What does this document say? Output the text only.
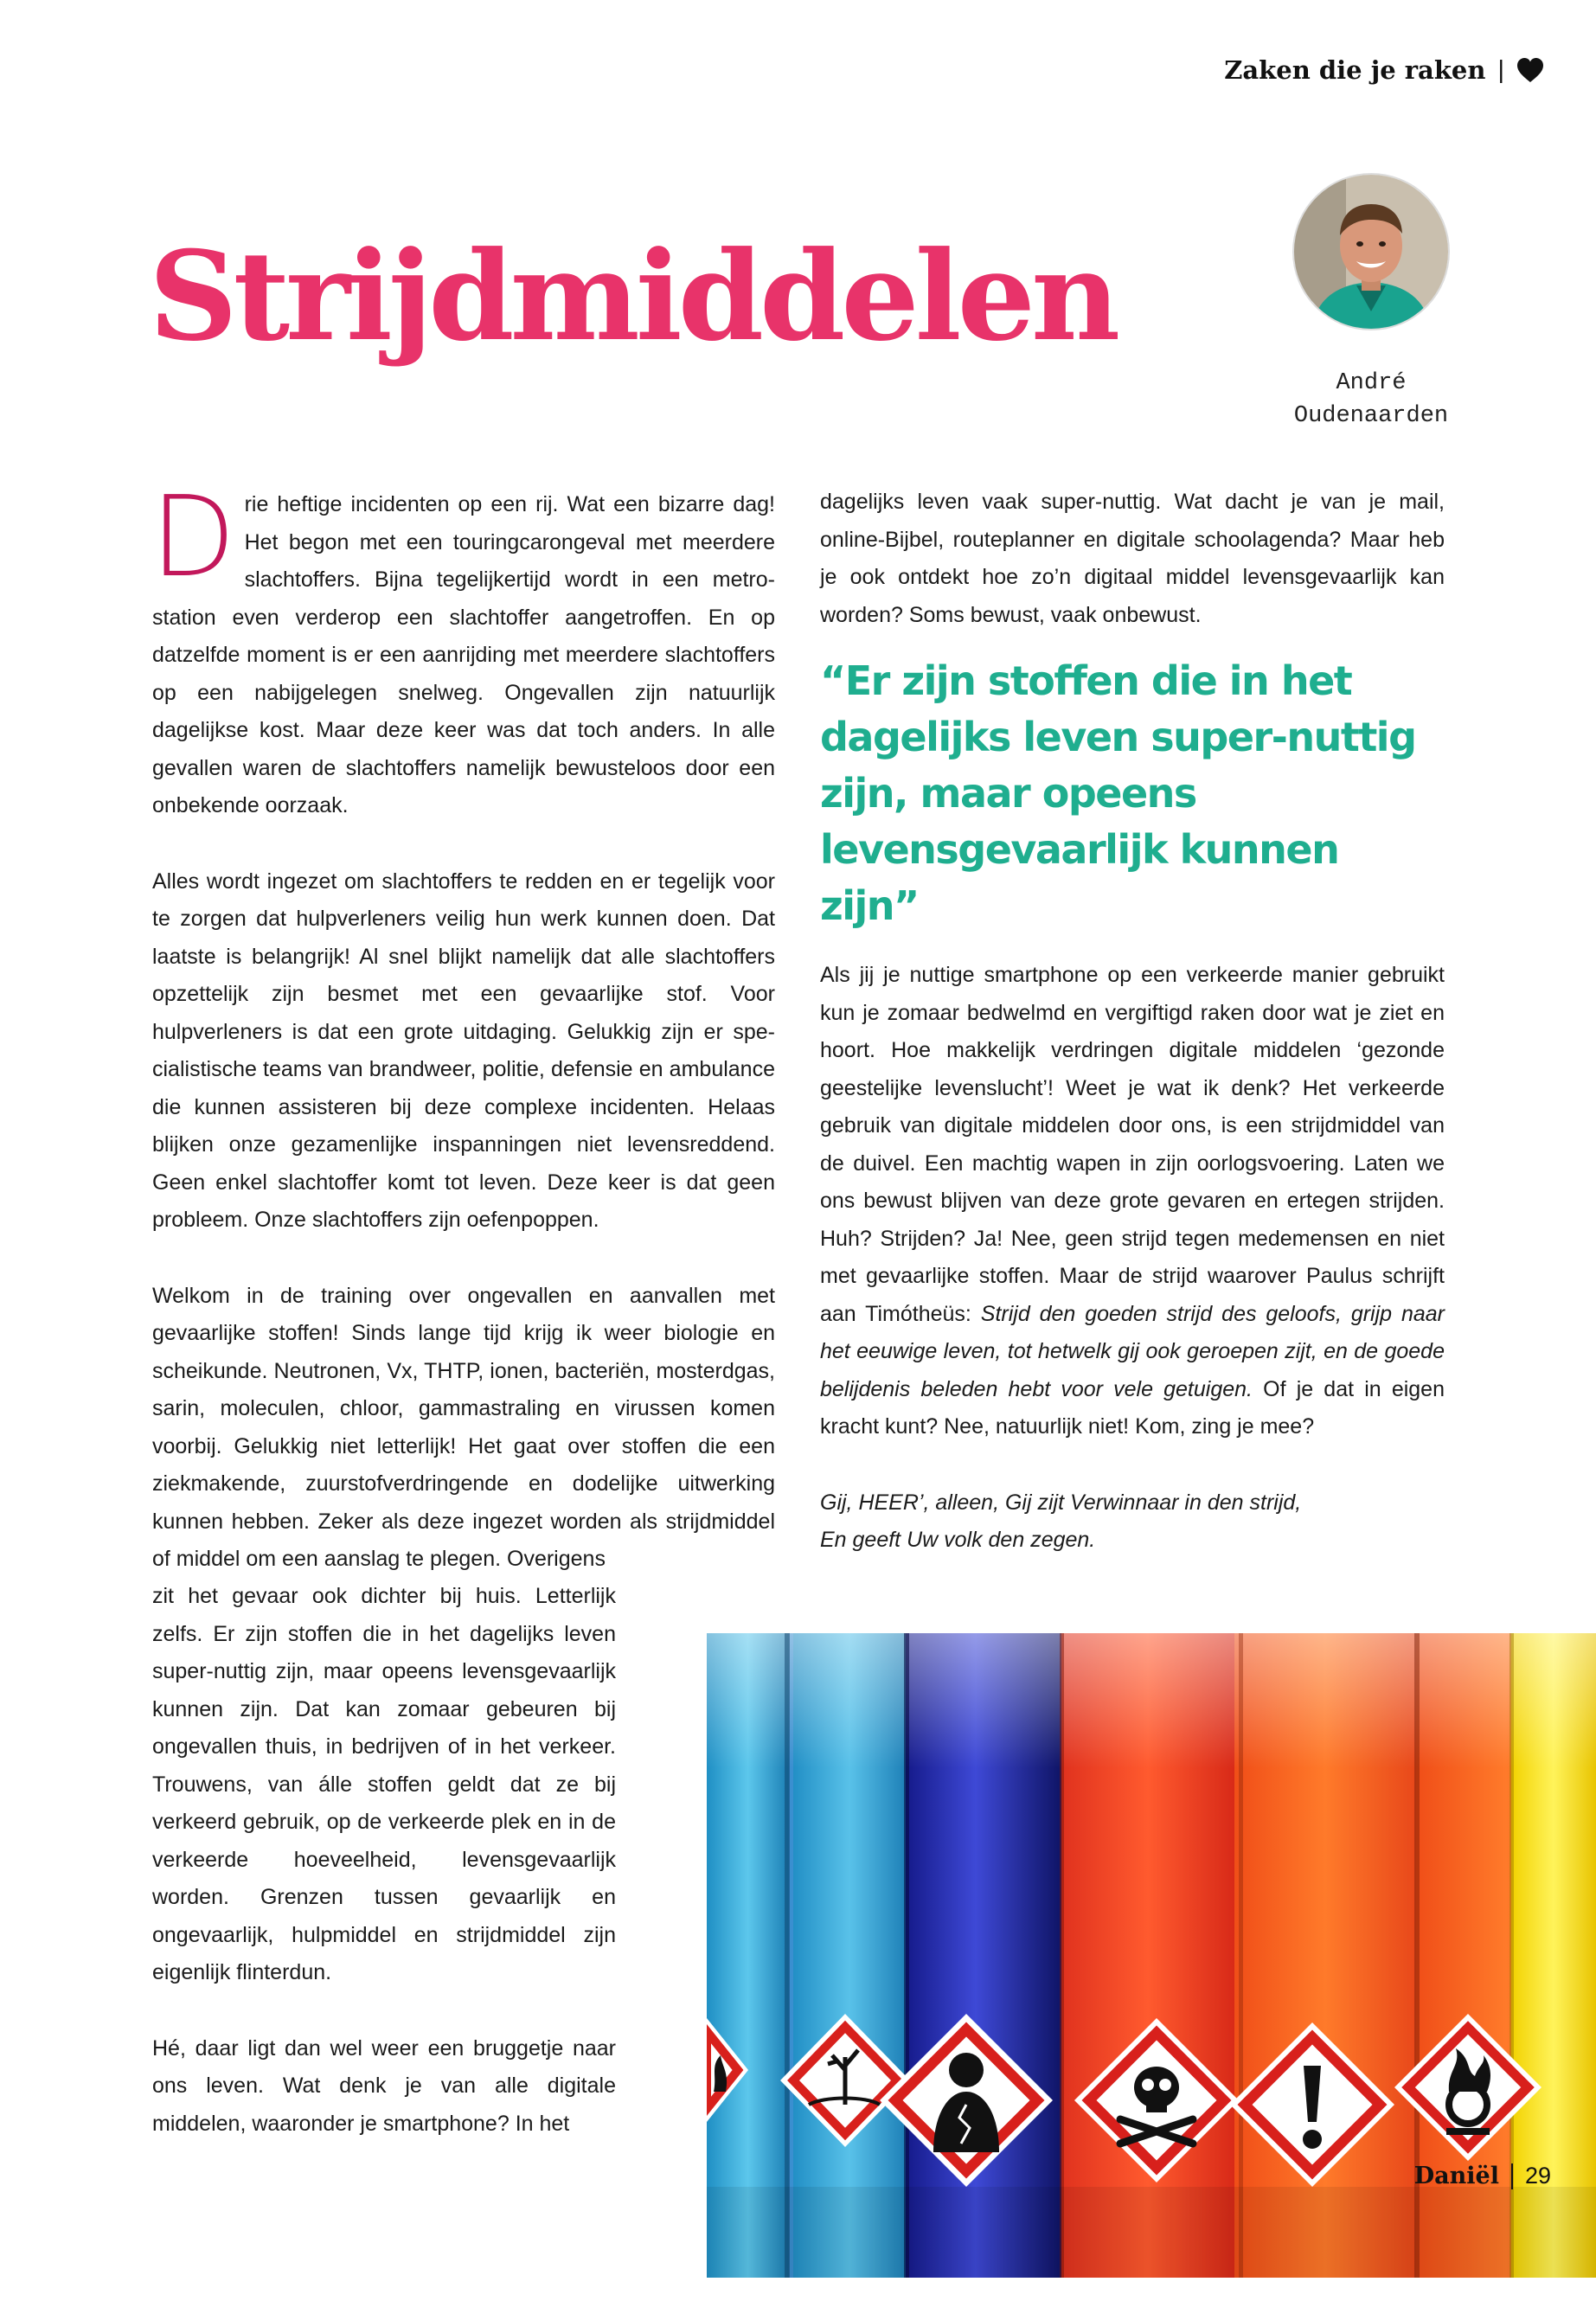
Zaken die je raken |
Strijdmiddelen
André
Oudenaarden

Drie heftige incidenten op een rij. Wat een bizarre dag! Het begon met een touringcarongeval met meerdere slachtoffers. Bijna tegelijkertijd wordt in een metrostation even verderop een slachtoffer aangetroffen. En op datzelfde moment is er een aanrijding met meerdere slachtoffers op een nabijgelegen snelweg. Ongevallen zijn natuurlijk dagelijkse kost. Maar deze keer was dat toch anders. In alle gevallen waren de slachtoffers namelijk bewusteloos door een onbekende oorzaak.

Alles wordt ingezet om slachtoffers te redden en er tegelijk voor te zorgen dat hulpverleners veilig hun werk kunnen doen. Dat laatste is belangrijk! Al snel blijkt namelijk dat alle slachtoffers opzettelijk zijn besmet met een gevaarlijke stof. Voor hulpverleners is dat een grote uitdaging. Gelukkig zijn er specialistische teams van brandweer, politie, defensie en ambulance die kunnen assisteren bij deze complexe incidenten. Helaas blijken onze gezamenlijke inspanningen niet levensreddend. Geen enkel slachtoffer komt tot leven. Deze keer is dat geen probleem. Onze slachtoffers zijn oefenpoppen.

Welkom in de training over ongevallen en aanvallen met gevaarlijke stoffen! Sinds lange tijd krijg ik weer biologie en scheikunde. Neutronen, Vx, THTP, ionen, bacteriën, mosterdgas, sarin, moleculen, chloor, gammastraling en virussen komen voorbij. Gelukkig niet letterlijk! Het gaat over stoffen die een ziekmakende, zuurstofverdringende en dodelijke uitwerking kunnen hebben. Zeker als deze ingezet worden als strijdmiddel of middel om een aanslag te plegen. Overigens

zit het gevaar ook dichter bij huis. Letterlijk zelfs. Er zijn stoffen die in het dagelijks leven super-nuttig zijn, maar opeens levensgevaarlijk kunnen zijn. Dat kan zomaar gebeuren bij ongevallen thuis, in bedrijven of in het verkeer. Trouwens, van álle stoffen geldt dat ze bij verkeerd gebruik, op de verkeerde plek en in de verkeerde hoeveelheid, levensgevaarlijk worden. Grenzen tussen gevaarlijk en ongevaarlijk, hulpmiddel en strijdmiddel zijn eigenlijk flinterdun.

Hé, daar ligt dan wel weer een bruggetje naar ons leven. Wat denk je van alle digitale middelen, waaronder je smartphone? In het

dagelijks leven vaak super-nuttig. Wat dacht je van je mail, online-Bijbel, routeplanner en digitale schoolagenda? Maar heb je ook ontdekt hoe zo’n digitaal middel levensgevaarlijk kan worden? Soms bewust, vaak onbewust.

“Er zijn stoffen die in het dagelijks leven super-nuttig zijn, maar opeens levensgevaarlijk kunnen zijn”

Als jij je nuttige smartphone op een verkeerde manier gebruikt kun je zomaar bedwelmd en vergiftigd raken door wat je ziet en hoort. Hoe makkelijk verdringen digitale middelen ‘gezonde geestelijke levenslucht’! Weet je wat ik denk? Het verkeerde gebruik van digitale middelen door ons, is een strijdmiddel van de duivel. Een machtig wapen in zijn oorlogsvoering. Laten we ons bewust blijven van deze grote gevaren en ertegen strijden. Huh? Strijden? Ja! Nee, geen strijd tegen medemensen en niet met gevaarlijke stoffen. Maar de strijd waarover Paulus schrijft aan Timótheüs: Strijd den goeden strijd des geloofs, grijp naar het eeuwige leven, tot hetwelk gij ook geroepen zijt, en de goede belijdenis beleden hebt voor vele getuigen. Of je dat in eigen kracht kunt? Nee, natuurlijk niet! Kom, zing je mee?

Gij, HEER’, alleen, Gij zijt Verwinnaar in den strijd,

En geeft Uw volk den zegen.

Daniël 29
